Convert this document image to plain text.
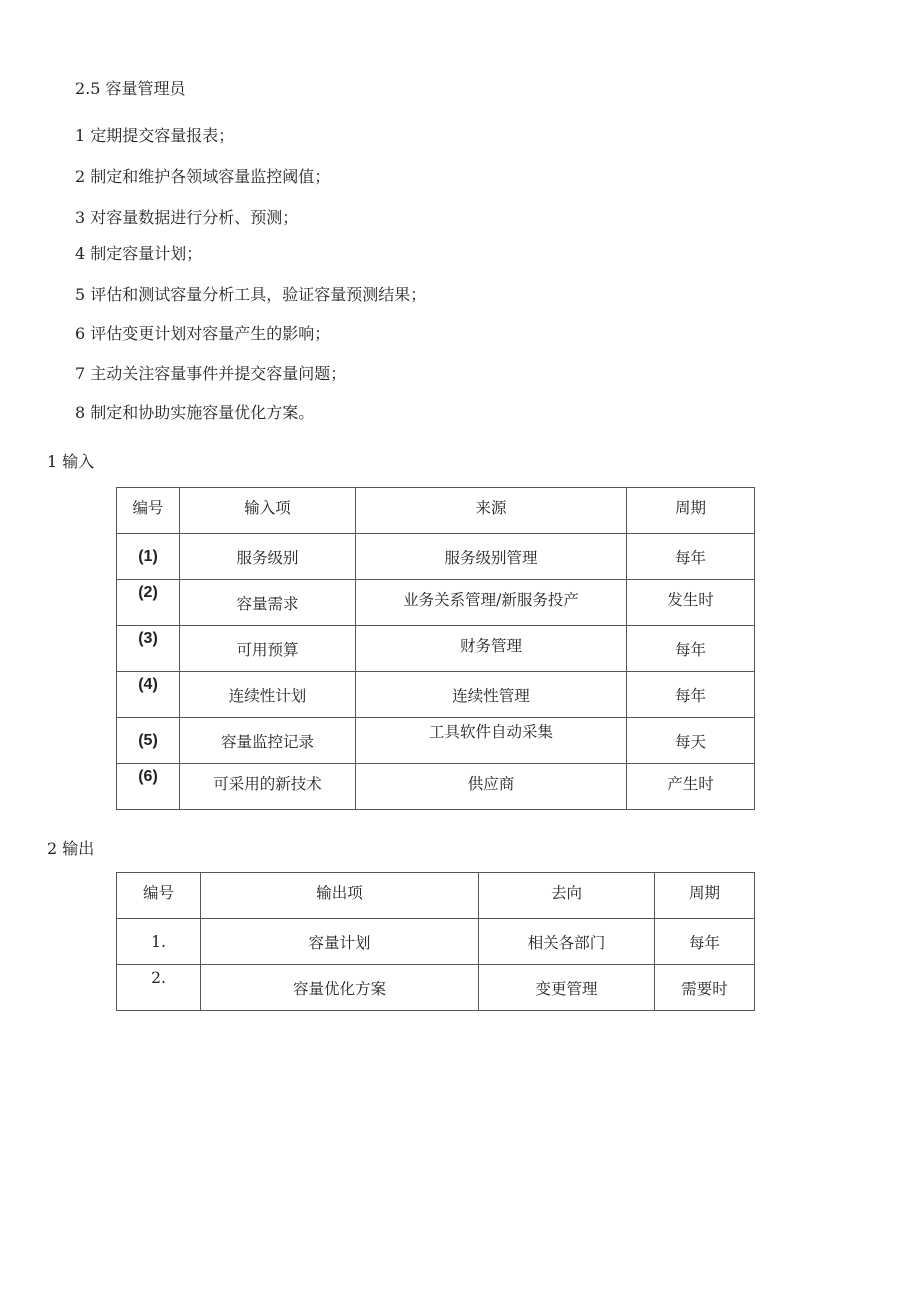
2.5 容量管理员
1 定期提交容量报表；
2 制定和维护各领域容量监控阈值；
3 对容量数据进行分析、预测；
4 制定容量计划；
5 评估和测试容量分析工具，验证容量预测结果；
6 评估变更计划对容量产生的影响；
7 主动关注容量事件并提交容量问题；
8 制定和协助实施容量优化方案。
1 输入
编号	输入项	来源	周期
(1)	服务级别	服务级别管理	每年
(2)	容量需求	业务关系管理/新服务投产	发生时
(3)	可用预算	财务管理	每年
(4)	连续性计划	连续性管理	每年
(5)	容量监控记录	工具软件自动采集	每天
(6)	可采用的新技术	供应商	产生时
2 输出
编号	输出项	去向	周期
1.	容量计划	相关各部门	每年
2.	容量优化方案	变更管理	需要时
